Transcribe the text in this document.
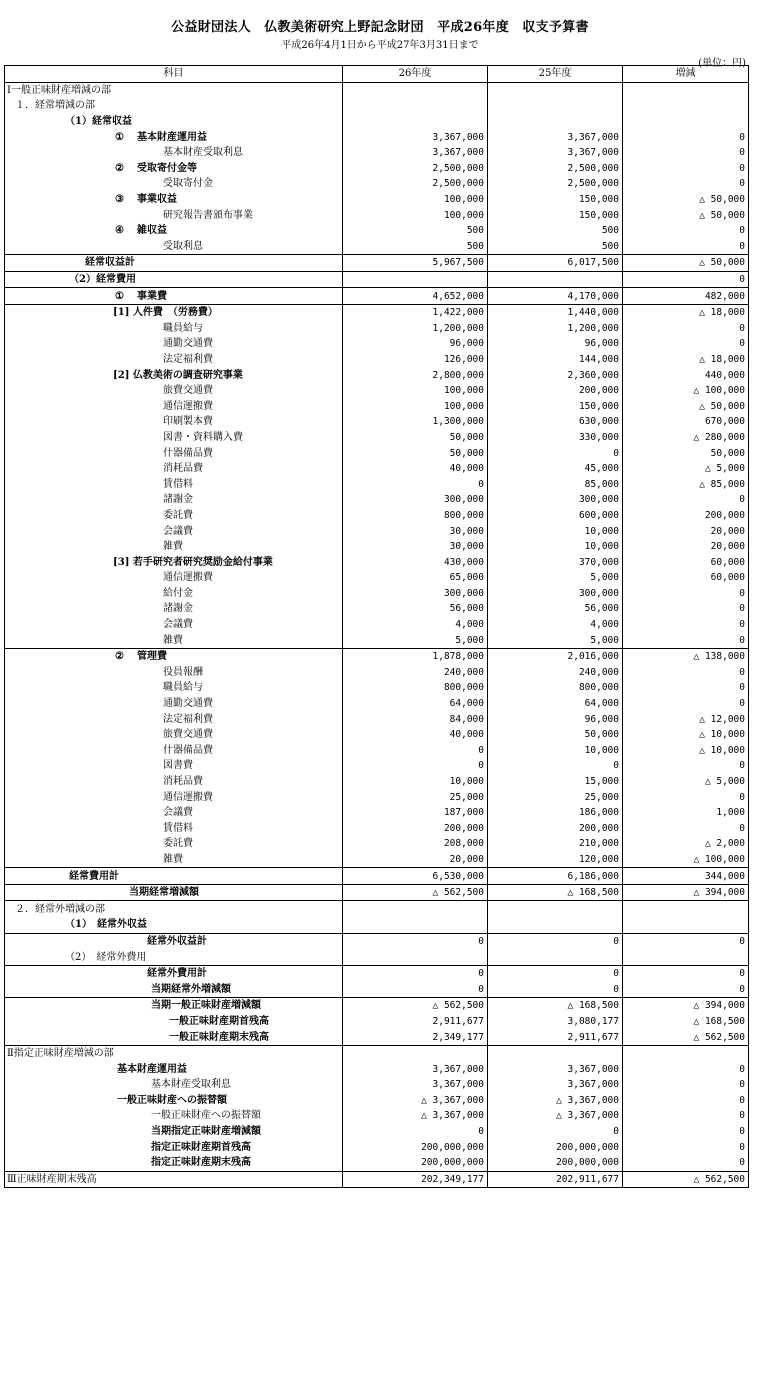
公益財団法人　仏教美術研究上野記念財団　平成26年度　収支予算書
平成26年4月1日から平成27年3月31日まで
(単位：円)
科目	26年度	25年度	増減
Ⅰ一般正味財産増減の部			
１．経常増減の部			
（1）経常収益			
① 基本財産運用益	3,367,000	3,367,000	0
基本財産受取利息	3,367,000	3,367,000	0
② 受取寄付金等	2,500,000	2,500,000	0
受取寄付金	2,500,000	2,500,000	0
③ 事業収益	100,000	150,000	△ 50,000
研究報告書頒布事業	100,000	150,000	△ 50,000
④ 雑収益	500	500	0
受取利息	500	500	0
経常収益計	5,967,500	6,017,500	△ 50,000
（2）経常費用			0
① 事業費	4,652,000	4,170,000	482,000
[1] 人件費　（労務費）	1,422,000	1,440,000	△ 18,000
職員給与	1,200,000	1,200,000	0
通勤交通費	96,000	96,000	0
法定福利費	126,000	144,000	△ 18,000
[2] 仏教美術の調査研究事業	2,800,000	2,360,000	440,000
旅費交通費	100,000	200,000	△ 100,000
通信運搬費	100,000	150,000	△ 50,000
印刷製本費	1,300,000	630,000	670,000
図書・資料購入費	50,000	330,000	△ 280,000
什器備品費	50,000	0	50,000
消耗品費	40,000	45,000	△ 5,000
賃借料	0	85,000	△ 85,000
諸謝金	300,000	300,000	0
委託費	800,000	600,000	200,000
会議費	30,000	10,000	20,000
雑費	30,000	10,000	20,000
[3] 若手研究者研究奨励金給付事業	430,000	370,000	60,000
通信運搬費	65,000	5,000	60,000
給付金	300,000	300,000	0
諸謝金	56,000	56,000	0
会議費	4,000	4,000	0
雑費	5,000	5,000	0
② 管理費	1,878,000	2,016,000	△ 138,000
役員報酬	240,000	240,000	0
職員給与	800,000	800,000	0
通勤交通費	64,000	64,000	0
法定福利費	84,000	96,000	△ 12,000
旅費交通費	40,000	50,000	△ 10,000
什器備品費	0	10,000	△ 10,000
図書費	0	0	0
消耗品費	10,000	15,000	△ 5,000
通信運搬費	25,000	25,000	0
会議費	187,000	186,000	1,000
賃借料	200,000	200,000	0
委託費	208,000	210,000	△ 2,000
雑費	20,000	120,000	△ 100,000
経常費用計	6,530,000	6,186,000	344,000
当期経常増減額	△ 562,500	△ 168,500	△ 394,000
２．経常外増減の部			
（1）　経常外収益			
経常外収益計	0	0	0
（2）　経常外費用			
経常外費用計	0	0	0
当期経常外増減額	0	0	0
当期一般正味財産増減額	△ 562,500	△ 168,500	△ 394,000
一般正味財産期首残高	2,911,677	3,080,177	△ 168,500
一般正味財産期末残高	2,349,177	2,911,677	△ 562,500
Ⅱ指定正味財産増減の部			
基本財産運用益	3,367,000	3,367,000	0
基本財産受取利息	3,367,000	3,367,000	0
一般正味財産への振替額	△ 3,367,000	△ 3,367,000	0
一般正味財産への振替額	△ 3,367,000	△ 3,367,000	0
当期指定正味財産増減額	0	0	0
指定正味財産期首残高	200,000,000	200,000,000	0
指定正味財産期末残高	200,000,000	200,000,000	0
Ⅲ正味財産期末残高	202,349,177	202,911,677	△ 562,500
